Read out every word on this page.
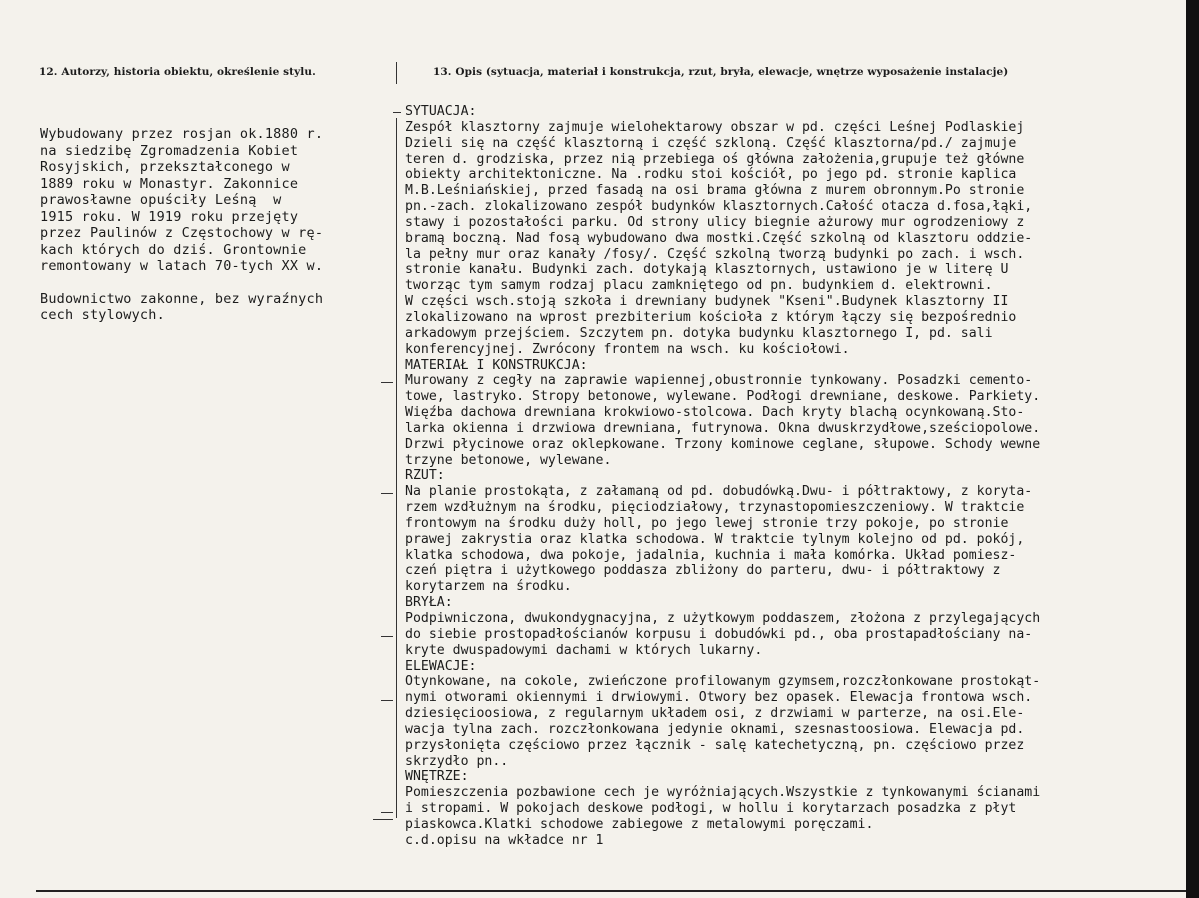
12. Autorzy, historia obiektu, określenie stylu.	13. Opis (sytuacja, materiał i konstrukcja, rzut, bryła, elewacje, wnętrze wyposażenie instalacje)

Wybudowany przez rosjan ok.1880 r.
na siedzibę Zgromadzenia Kobiet
Rosyjskich, przekształconego w
1889 roku w Monastyr. Zakonnice
prawosławne opuściły Leśną  w
1915 roku. W 1919 roku przejęty
przez Paulinów z Częstochowy w rę-
kach których do dziś. Grontownie
remontowany w latach 70-tych XX w.

Budownictwo zakonne, bez wyraźnych
cech stylowych.

SYTUACJA:
Zespół klasztorny zajmuje wielohektarowy obszar w pd. części Leśnej Podlaskiej
Dzieli się na część klasztorną i część szkloną. Część klasztorna/pd./ zajmuje
teren d. grodziska, przez nią przebiega oś główna założenia,grupuje też główne
obiekty architektoniczne. Na .rodku stoi kościół, po jego pd. stronie kaplica
M.B.Leśniańskiej, przed fasadą na osi brama główna z murem obronnym.Po stronie
pn.-zach. zlokalizowano zespół budynków klasztornych.Całość otacza d.fosa,łąki,
stawy i pozostałości parku. Od strony ulicy biegnie ażurowy mur ogrodzeniowy z
bramą boczną. Nad fosą wybudowano dwa mostki.Część szkolną od klasztoru oddzie-
la pełny mur oraz kanały /fosy/. Część szkolną tworzą budynki po zach. i wsch.
stronie kanału. Budynki zach. dotykają klasztornych, ustawiono je w literę U
tworząc tym samym rodzaj placu zamkniętego od pn. budynkiem d. elektrowni.
W części wsch.stoją szkoła i drewniany budynek "Kseni".Budynek klasztorny II
zlokalizowano na wprost prezbiterium kościoła z którym łączy się bezpośrednio
arkadowym przejściem. Szczytem pn. dotyka budynku klasztornego I, pd. sali
konferencyjnej. Zwrócony frontem na wsch. ku kościołowi.
MATERIAŁ I KONSTRUKCJA:
Murowany z cegły na zaprawie wapiennej,obustronnie tynkowany. Posadzki cemento-
towe, lastryko. Stropy betonowe, wylewane. Podłogi drewniane, deskowe. Parkiety.
Więźba dachowa drewniana krokwiowo-stolcowa. Dach kryty blachą ocynkowaną.Sto-
larka okienna i drzwiowa drewniana, futrynowa. Okna dwuskrzydłowe,sześciopolowe.
Drzwi płycinowe oraz oklepkowane. Trzony kominowe ceglane, słupowe. Schody wewne
trzyne betonowe, wylewane.
RZUT:
Na planie prostokąta, z załamaną od pd. dobudówką.Dwu- i półtraktowy, z koryta-
rzem wzdłużnym na środku, pięciodziałowy, trzynastopomieszczeniowy. W traktcie
frontowym na środku duży holl, po jego lewej stronie trzy pokoje, po stronie
prawej zakrystia oraz klatka schodowa. W traktcie tylnym kolejno od pd. pokój,
klatka schodowa, dwa pokoje, jadalnia, kuchnia i mała komórka. Układ pomiesz-
czeń piętra i użytkowego poddasza zbliżony do parteru, dwu- i półtraktowy z
korytarzem na środku.
BRYŁA:
Podpiwniczona, dwukondygnacyjna, z użytkowym poddaszem, złożona z przylegających
do siebie prostopadłościanów korpusu i dobudówki pd., oba prostapadłościany na-
kryte dwuspadowymi dachami w których lukarny.
ELEWACJE:
Otynkowane, na cokole, zwieńczone profilowanym gzymsem,rozczłonkowane prostokąt-
nymi otworami okiennymi i drwiowymi. Otwory bez opasek. Elewacja frontowa wsch.
dziesięcioosiowa, z regularnym układem osi, z drzwiami w parterze, na osi.Ele-
wacja tylna zach. rozczłonkowana jedynie oknami, szesnastoosiowa. Elewacja pd.
przysłonięta częściowo przez łącznik - salę katechetyczną, pn. częściowo przez
skrzydło pn..
WNĘTRZE:
Pomieszczenia pozbawione cech je wyróżniających.Wszystkie z tynkowanymi ścianami
i stropami. W pokojach deskowe podłogi, w hollu i korytarzach posadzka z płyt
piaskowca.Klatki schodowe zabiegowe z metalowymi poręczami.
c.d.opisu na wkładce nr 1
